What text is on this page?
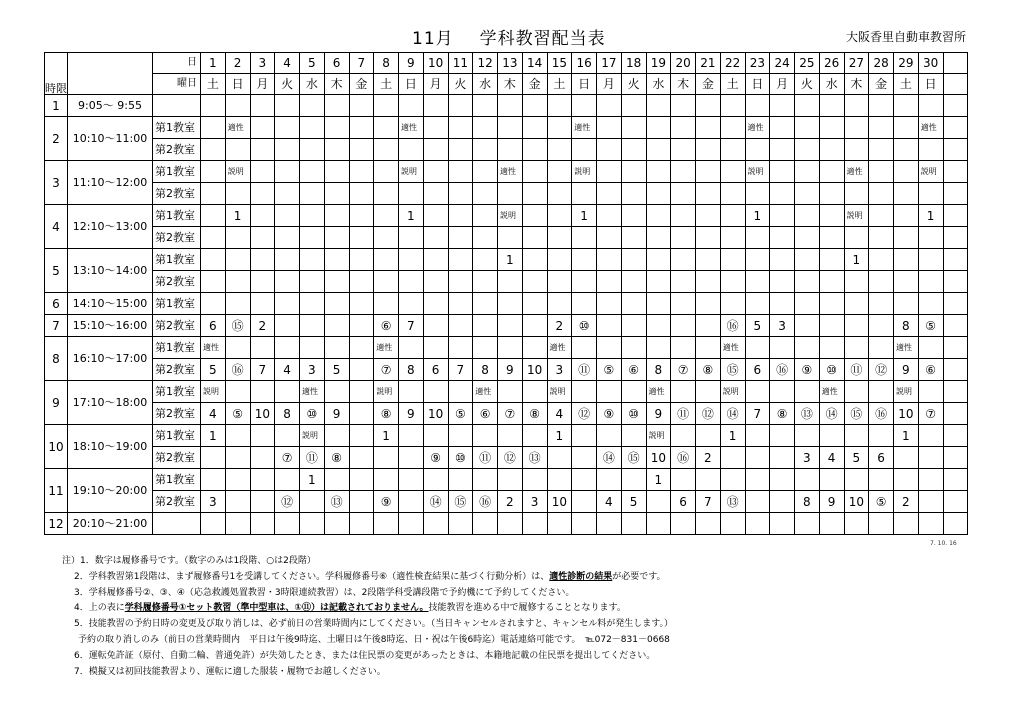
11月 学科教習配当表	大阪香里自動車教習所
時限		日	1	2	3	4	5	6	7	8	9	10	11	12	13	14	15	16	17	18	19	20	21	22	23	24	25	26	27	28	29	30	
		曜日	土	日	月	火	水	木	金	土	日	月	火	水	木	金	土	日	月	火	水	木	金	土	日	月	火	水	木	金	土	日	
1	9:05～ 9:55																																
2	10:10～11:00	第1教室		適性							適性							適性							適性							適性	
		第2教室																															
3	11:10～12:00	第1教室		説明							説明				適性			説明							説明				適性			説明	
		第2教室																															
4	12:10～13:00	第1教室		1							1				説明			1							1				説明			1	
		第2教室																															
5	13:10～14:00	第1教室													1														1				
		第2教室																															
6	14:10～15:00	第1教室																															
7	15:10～16:00	第2教室	6	⑮	2					⑥	7						2	⑩						⑯	5	3					8	⑤	
8	16:10～17:00	第1教室	適性							適性							適性							適性							適性		
		第2教室	5	⑯	7	4	3	5		⑦	8	6	7	8	9	10	3	⑪	⑤	⑥	8	⑦	⑧	⑮	6	⑯	⑨	⑩	⑪	⑫	9	⑥	
9	17:10～18:00	第1教室	説明				適性			説明				適性			説明				適性			説明				適性			説明		
		第2教室	4	⑤	10	8	⑩	9		⑧	9	10	⑤	⑥	⑦	⑧	4	⑫	⑨	⑩	9	⑪	⑫	⑭	7	⑧	⑬	⑭	⑮	⑯	10	⑦	
10	18:10～19:00	第1教室	1				説明			1							1				説明			1							1		
		第2教室				⑦	⑪	⑧				⑨	⑩	⑪	⑫	⑬			⑭	⑮	10	⑯	2				3	4	5	6			
11	19:10～20:00	第1教室					1														1												
		第2教室	3			⑫		⑬		⑨		⑭	⑮	⑯	2	3	10		4	5		6	7	⑬			8	9	10	⑤	2		
12	20:10～21:00																																
7. 10. 16
注）1．数字は履修番号です。（数字のみは1段階、○は2段階）
2．学科教習第1段階は、まず履修番号1を受講してください。学科履修番号⑥（適性検査結果に基づく行動分析）は、適性診断の結果が必要です。
3．学科履修番号②、③、④（応急救護処置教習・3時限連続教習）は、2段階学科受講段階で予約機にて予約してください。
4．上の表に学科履修番号①セット教習（準中型車は、①⑪）は記載されておりません。技能教習を進める中で履修することとなります。
5．技能教習の予約日時の変更及び取り消しは、必ず前日の営業時間内にしてください。（当日キャンセルされますと、キャンセル料が発生します。）
予約の取り消しのみ（前日の営業時間内　平日は午後9時迄、土曜日は午後8時迄、日・祝は午後6時迄）電話連絡可能です。　℡072－831－0668
6．運転免許証（原付、自動二輪、普通免許）が失効したとき、または住民票の変更があったときは、本籍地記載の住民票を提出してください。
7．模擬又は初回技能教習より、運転に適した服装・履物でお越しください。
